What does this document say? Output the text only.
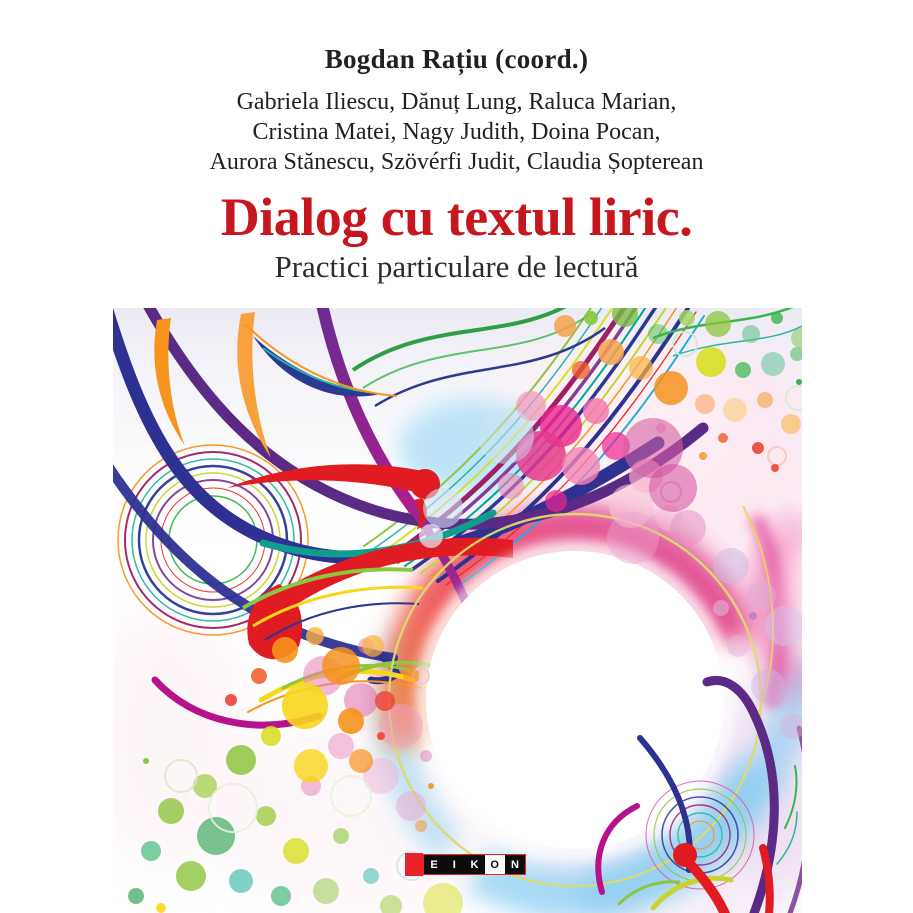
Bogdan Rațiu (coord.)
Gabriela Iliescu, Dănuț Lung, Raluca Marian,
Cristina Matei, Nagy Judith, Doina Pocan,
Aurora Stănescu, Szövérfi Judit, Claudia Șopterean
Dialog cu textul liric.
Practici particulare de lectură
E	I	K	O	N
